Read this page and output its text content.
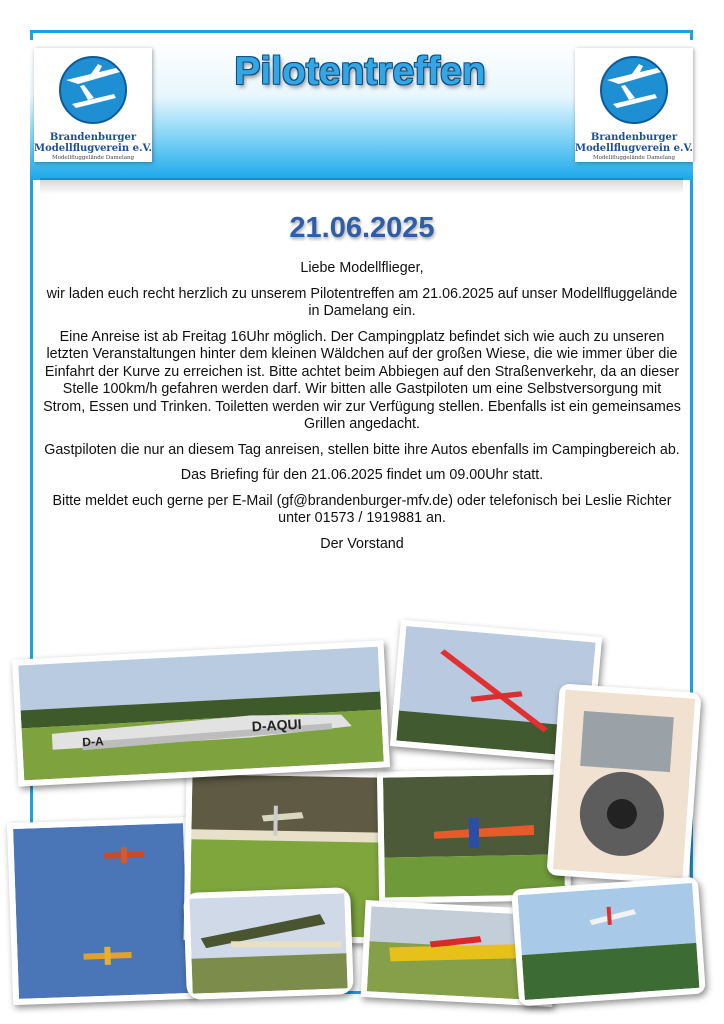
Brandenburger
Modellflugverein e.V.
Modellfluggelände Damelang
Brandenburger
Modellflugverein e.V.
Modellfluggelände Damelang
Pilotentreffen
21.06.2025

Liebe Modellflieger,

wir laden euch recht herzlich zu unserem Pilotentreffen am 21.06.2025 auf unser Modellfluggelände in Damelang ein.

Eine Anreise ist ab Freitag 16Uhr möglich. Der Campingplatz befindet sich wie auch zu unseren letzten Veranstaltungen hinter dem kleinen Wäldchen auf der großen Wiese, die wie immer über die Einfahrt der Kurve zu erreichen ist. Bitte achtet beim Abbiegen auf den Straßenverkehr, da an dieser Stelle 100km/h gefahren werden darf. Wir bitten alle Gastpiloten um eine Selbstversorgung mit Strom, Essen und Trinken. Toiletten werden wir zur Verfügung stellen. Ebenfalls ist ein gemeinsames Grillen angedacht.

Gastpiloten die nur an diesem Tag anreisen, stellen bitte ihre Autos ebenfalls im Campingbereich ab.

Das Briefing für den 21.06.2025 findet um 09.00Uhr statt.

Bitte meldet euch gerne per E-Mail (gf@brandenburger-mfv.de) oder telefonisch bei Leslie Richter unter 01573 / 1919881 an.

Der Vorstand

D-AQUI
D-A
